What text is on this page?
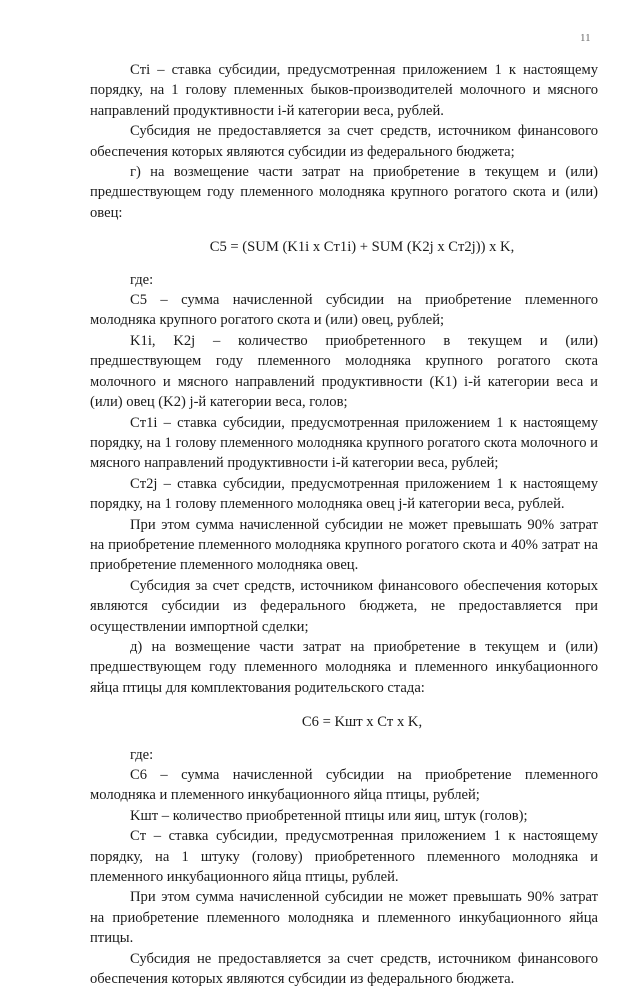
11

Cтi – ставка субсидии, предусмотренная приложением 1 к настоящему порядку, на 1 голову племенных быков-производителей молочного и мясного направлений продуктивности i-й категории веса, рублей.

Субсидия не предоставляется за счет средств, источником финансового обеспечения которых являются субсидии из федерального бюджета;

г) на возмещение части затрат на приобретение в текущем и (или) предшествующем году племенного молодняка крупного рогатого скота и (или) овец:

C5 = (SUM (K1i x Cт1i) + SUM (K2j x Cт2j)) x K,

где:

C5 – сумма начисленной субсидии на приобретение племенного молодняка крупного рогатого скота и (или) овец, рублей;

K1i, K2j – количество приобретенного в текущем и (или) предшествующем году племенного молодняка крупного рогатого скота молочного и мясного направлений продуктивности (K1) i-й категории веса и (или) овец (K2) j-й категории веса, голов;

Cт1i – ставка субсидии, предусмотренная приложением 1 к настоящему порядку, на 1 голову племенного молодняка крупного рогатого скота молочного и мясного направлений продуктивности i-й категории веса, рублей;

Cт2j – ставка субсидии, предусмотренная приложением 1 к настоящему порядку, на 1 голову племенного молодняка овец j-й категории веса, рублей.

При этом сумма начисленной субсидии не может превышать 90% затрат на приобретение племенного молодняка крупного рогатого скота и 40% затрат на приобретение племенного молодняка овец.

Субсидия за счет средств, источником финансового обеспечения которых являются субсидии из федерального бюджета, не предоставляется при осуществлении импортной сделки;

д) на возмещение части затрат на приобретение в текущем и (или) предшествующем году племенного молодняка и племенного инкубационного яйца птицы для комплектования родительского стада:

C6 = Kшт x Cт x K,

где:

C6 – сумма начисленной субсидии на приобретение племенного молодняка и племенного инкубационного яйца птицы, рублей;

Kшт – количество приобретенной птицы или яиц, штук (голов);

Cт – ставка субсидии, предусмотренная приложением 1 к настоящему порядку, на 1 штуку (голову) приобретенного племенного молодняка и племенного инкубационного яйца птицы, рублей.

При этом сумма начисленной субсидии не может превышать 90% затрат на приобретение племенного молодняка и племенного инкубационного яйца птицы.

Субсидия не предоставляется за счет средств, источником финансового обеспечения которых являются субсидии из федерального бюджета.
